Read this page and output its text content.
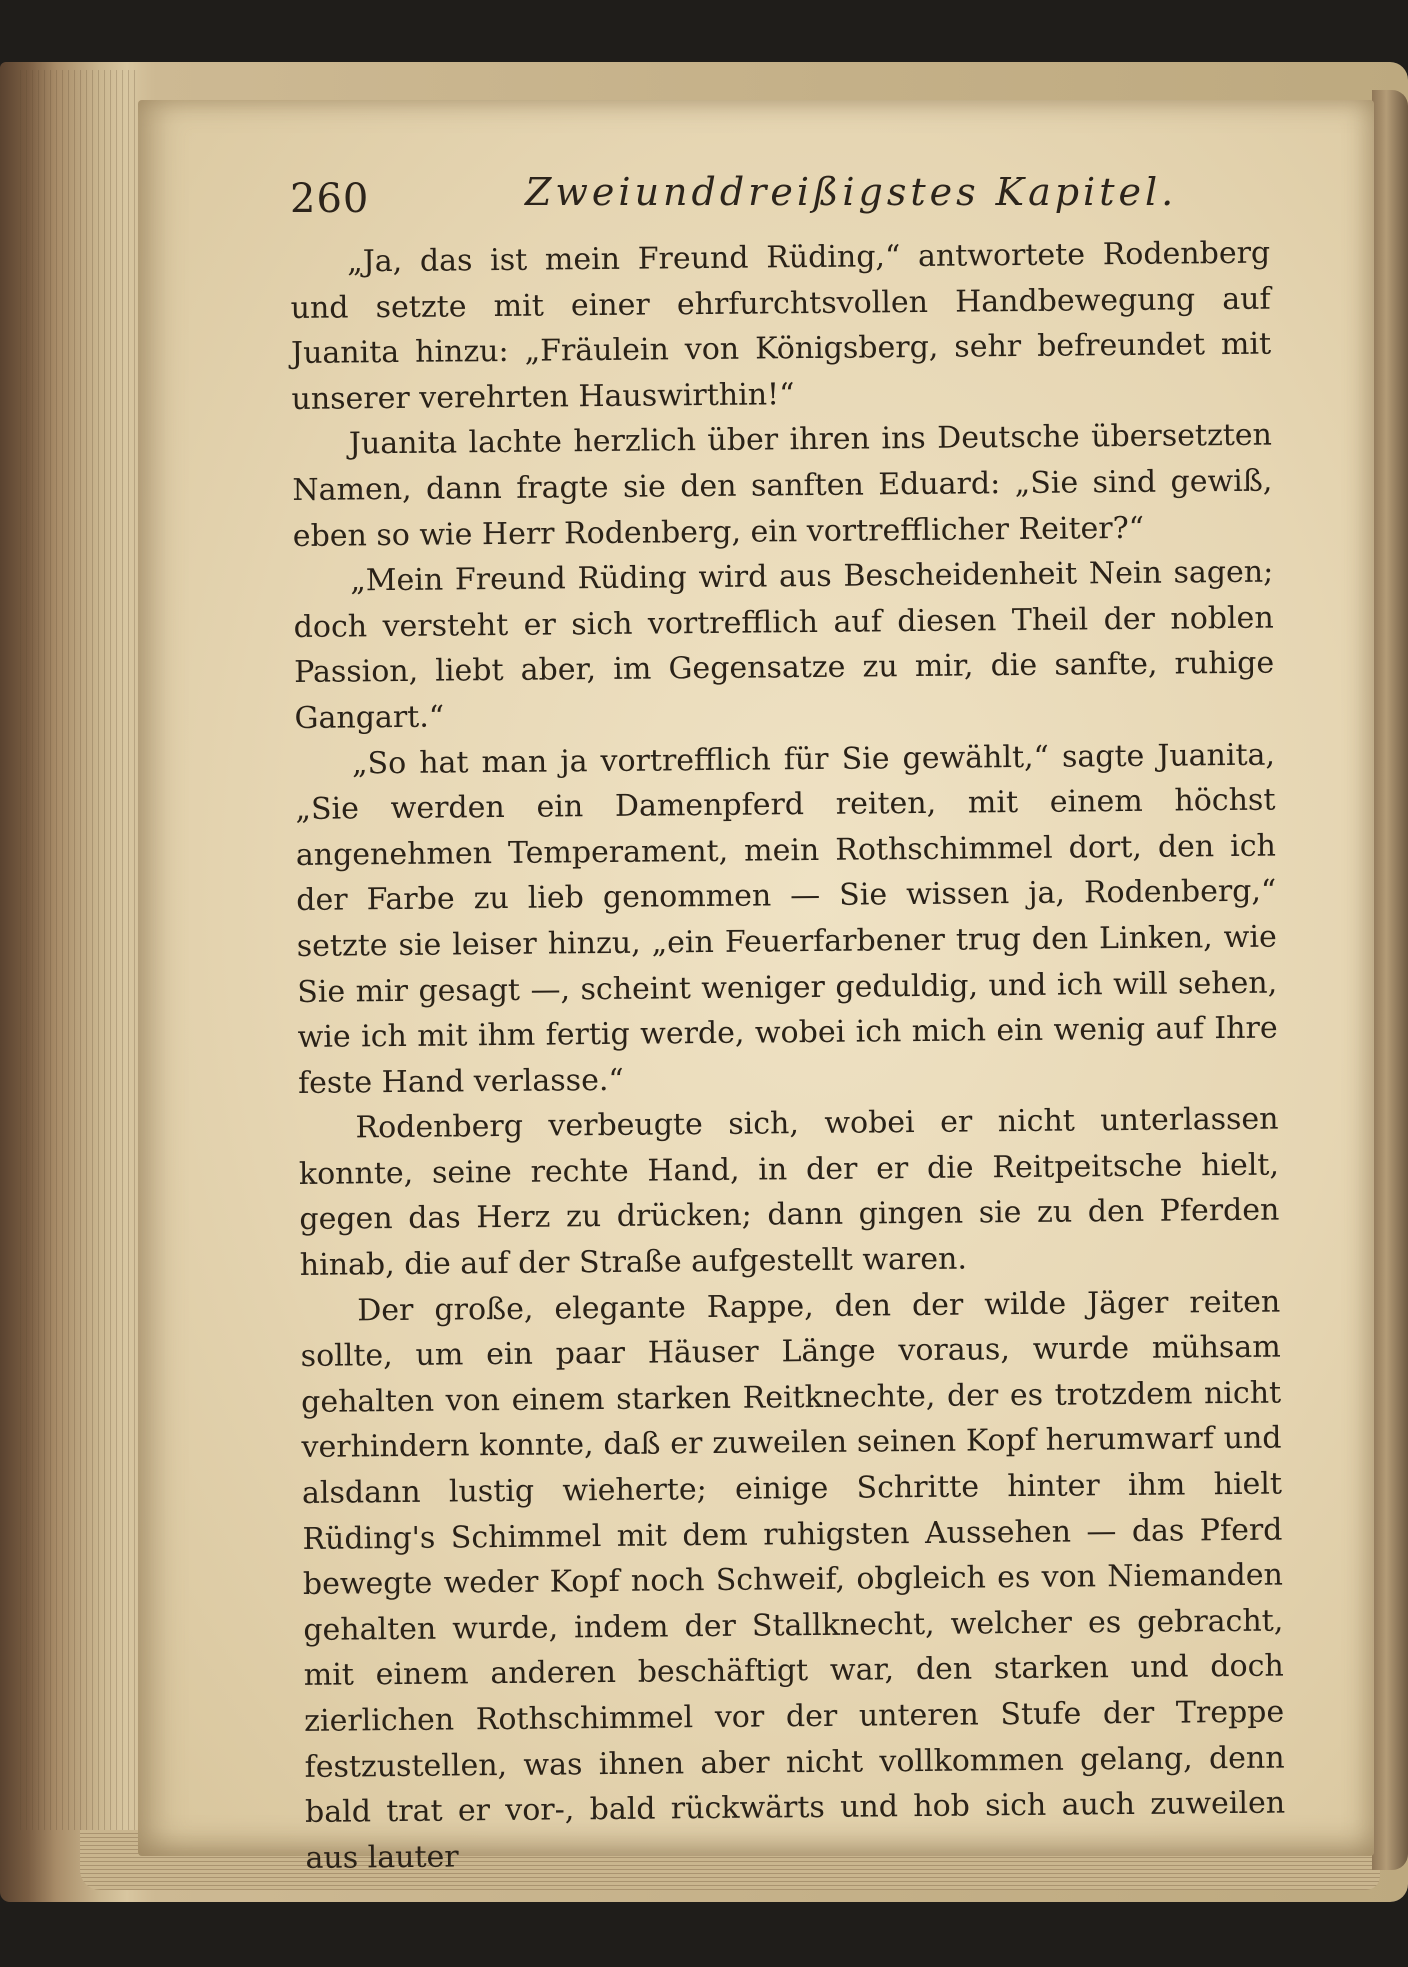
260	Zweiunddreißigstes Kapitel.

„Ja, das ist mein Freund Rüding,“ antwortete Rodenberg und setzte mit einer ehrfurchtsvollen Handbewegung auf Juanita hinzu: „Fräulein von Königsberg, sehr befreundet mit unserer verehrten Hauswirthin!“

Juanita lachte herzlich über ihren ins Deutsche übersetzten Namen, dann fragte sie den sanften Eduard: „Sie sind gewiß, eben so wie Herr Rodenberg, ein vortrefflicher Reiter?“

„Mein Freund Rüding wird aus Bescheidenheit Nein sagen; doch versteht er sich vortrefflich auf diesen Theil der noblen Passion, liebt aber, im Gegensatze zu mir, die sanfte, ruhige Gangart.“

„So hat man ja vortrefflich für Sie gewählt,“ sagte Juanita, „Sie werden ein Damenpferd reiten, mit einem höchst angenehmen Temperament, mein Rothschimmel dort, den ich der Farbe zu lieb genommen — Sie wissen ja, Rodenberg,“ setzte sie leiser hinzu, „ein Feuerfarbener trug den Linken, wie Sie mir gesagt —, scheint weniger geduldig, und ich will sehen, wie ich mit ihm fertig werde, wobei ich mich ein wenig auf Ihre feste Hand verlasse.“

Rodenberg verbeugte sich, wobei er nicht unterlassen konnte, seine rechte Hand, in der er die Reitpeitsche hielt, gegen das Herz zu drücken; dann gingen sie zu den Pferden hinab, die auf der Straße aufgestellt waren.

Der große, elegante Rappe, den der wilde Jäger reiten sollte, um ein paar Häuser Länge voraus, wurde mühsam gehalten von einem starken Reitknechte, der es trotzdem nicht verhindern konnte, daß er zuweilen seinen Kopf herumwarf und alsdann lustig wieherte; einige Schritte hinter ihm hielt Rüding's Schimmel mit dem ruhigsten Aussehen — das Pferd bewegte weder Kopf noch Schweif, obgleich es von Niemanden gehalten wurde, indem der Stallknecht, welcher es gebracht, mit einem anderen beschäftigt war, den starken und doch zierlichen Rothschimmel vor der unteren Stufe der Treppe festzustellen, was ihnen aber nicht vollkommen gelang, denn bald trat er vor-, bald rückwärts und hob sich auch zuweilen aus lauter
